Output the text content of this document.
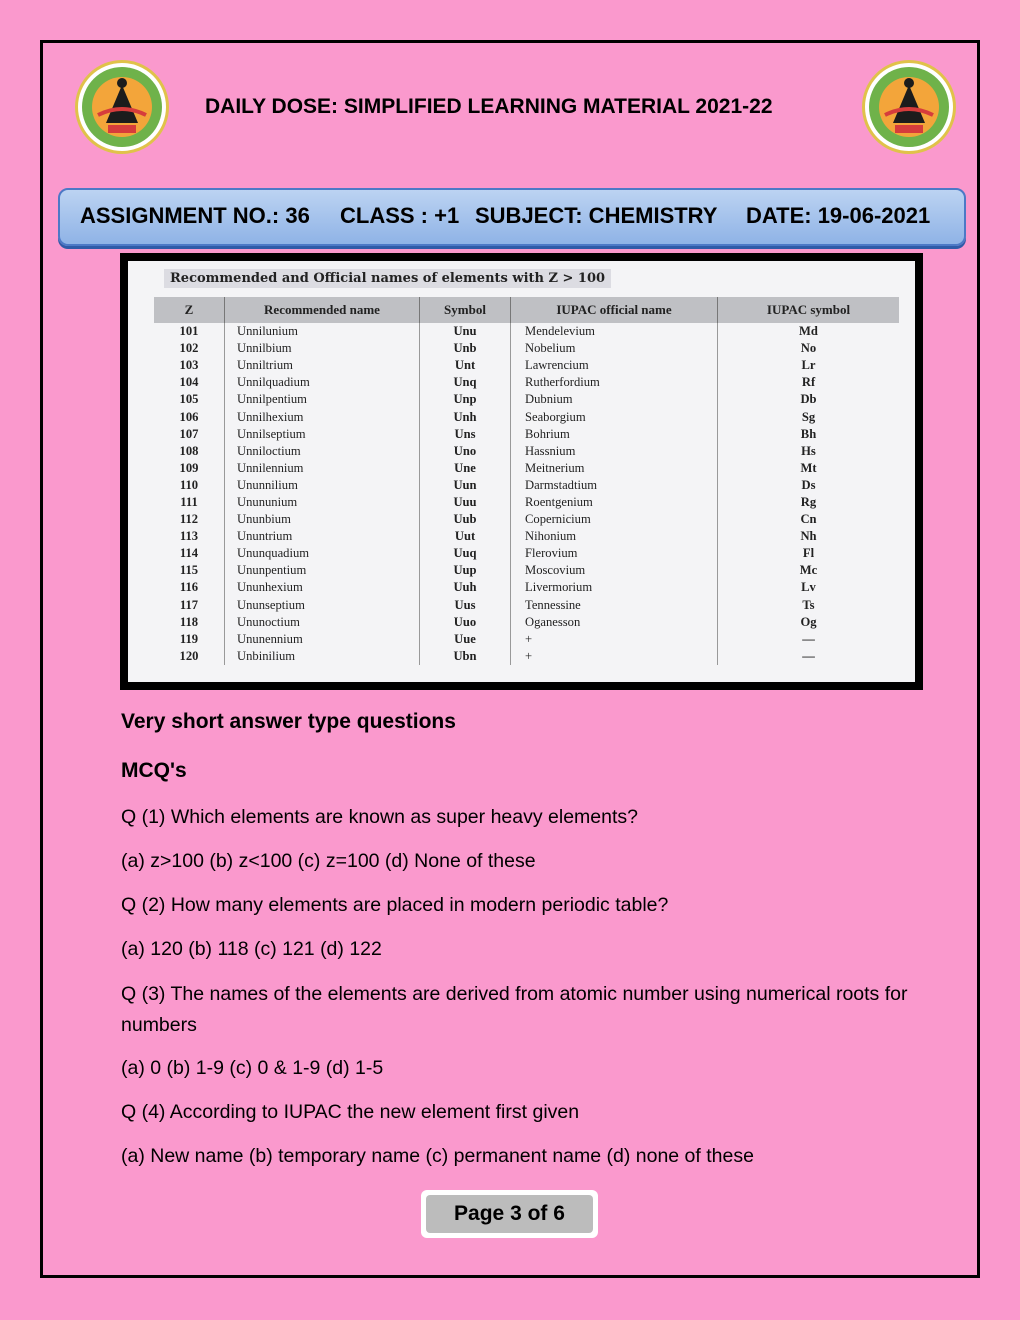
DAILY DOSE: SIMPLIFIED LEARNING MATERIAL 2021-22
ASSIGNMENT NO.: 36 CLASS : +1 SUBJECT: CHEMISTRY DATE: 19-06-2021
Recommended and Official names of elements with Z > 100
Z	Recommended name	Symbol	IUPAC official name	IUPAC symbol
101	Unnilunium	Unu	Mendelevium	Md
102	Unnilbium	Unb	Nobelium	No
103	Unniltrium	Unt	Lawrencium	Lr
104	Unnilquadium	Unq	Rutherfordium	Rf
105	Unnilpentium	Unp	Dubnium	Db
106	Unnilhexium	Unh	Seaborgium	Sg
107	Unnilseptium	Uns	Bohrium	Bh
108	Unniloctium	Uno	Hassnium	Hs
109	Unnilennium	Une	Meitnerium	Mt
110	Ununnilium	Uun	Darmstadtium	Ds
111	Unununium	Uuu	Roentgenium	Rg
112	Ununbium	Uub	Copernicium	Cn
113	Ununtrium	Uut	Nihonium	Nh
114	Ununquadium	Uuq	Flerovium	Fl
115	Ununpentium	Uup	Moscovium	Mc
116	Ununhexium	Uuh	Livermorium	Lv
117	Ununseptium	Uus	Tennessine	Ts
118	Ununoctium	Uuo	Oganesson	Og
119	Ununennium	Uue	+	—
120	Unbinilium	Ubn	+	—
Very short answer type questions
MCQ's
Q (1) Which elements are known as super heavy elements?
(a) z>100 (b) z<100 (c) z=100 (d) None of these
Q (2) How many elements are placed in modern periodic table?
(a) 120 (b) 118 (c) 121 (d) 122
Q (3) The names of the elements are derived from atomic number using numerical roots for numbers
(a) 0 (b) 1-9 (c) 0 & 1-9 (d) 1-5
Q (4) According to IUPAC the new element first given
(a) New name (b) temporary name (c) permanent name (d) none of these
Page 3 of 6
